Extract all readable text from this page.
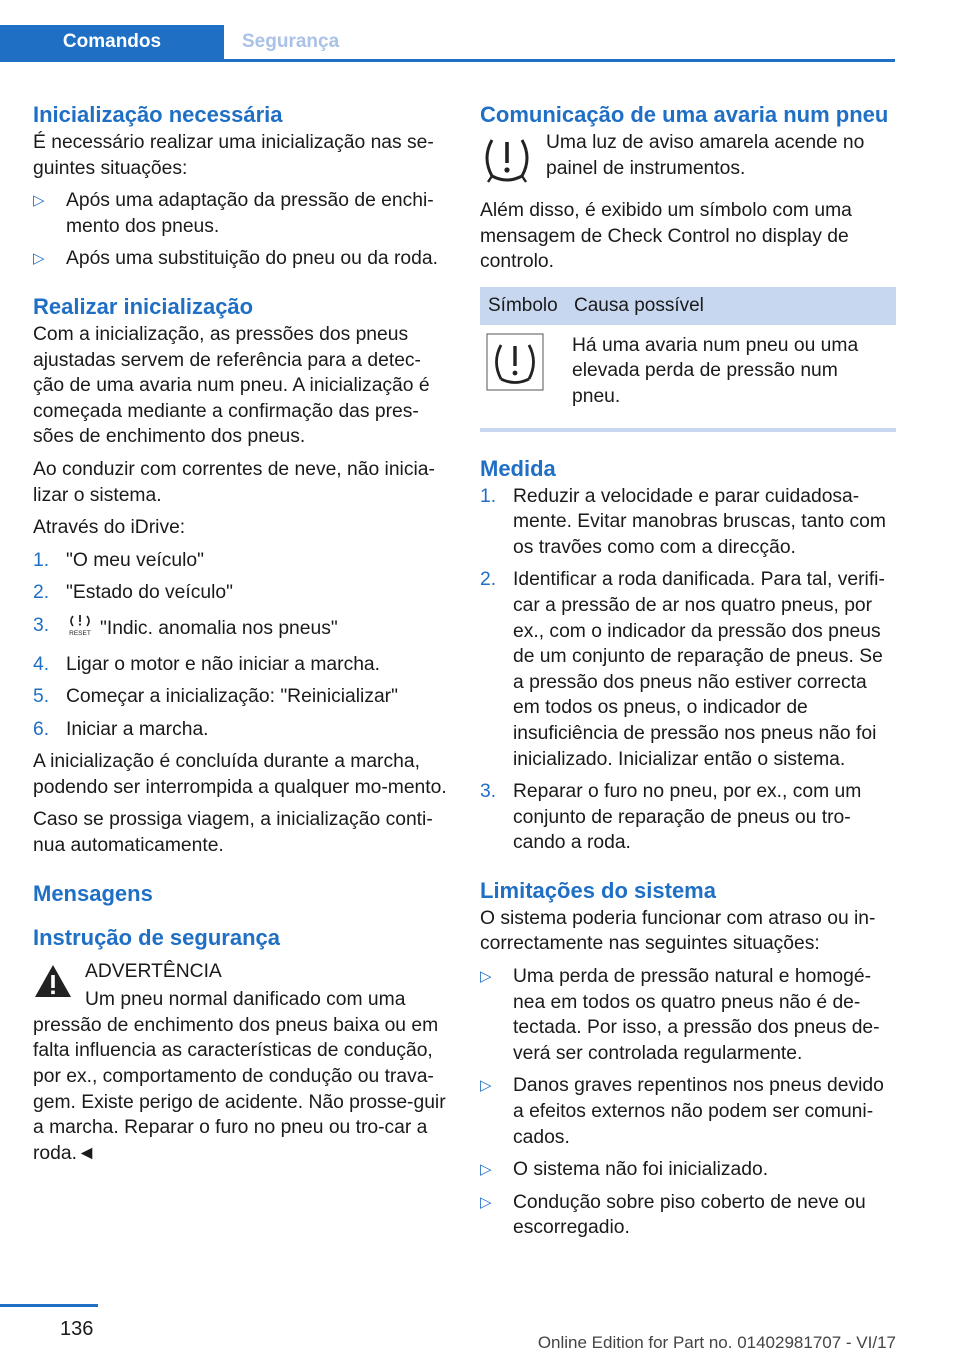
Comandos	Segurança
Inicialização necessária

É necessário realizar uma inicialização nas se-guintes situações:

▷ Após uma adaptação da pressão de enchi-mento dos pneus.
▷ Após uma substituição do pneu ou da roda.
Realizar inicialização

Com a inicialização, as pressões dos pneus ajustadas servem de referência para a detec-ção de uma avaria num pneu. A inicialização é começada mediante a confirmação das pres-sões de enchimento dos pneus.

Ao conduzir com correntes de neve, não inicia-lizar o sistema.

Através do iDrive:

1. "O meu veículo"
2. "Estado do veículo"
3.	RESET "Indic. anomalia nos pneus"
4. Ligar o motor e não iniciar a marcha.
5. Começar a inicialização: "Reinicializar"
6. Iniciar a marcha.

A inicialização é concluída durante a marcha, podendo ser interrompida a qualquer mo-mento.

Caso se prossiga viagem, a inicialização conti-nua automaticamente.

Mensagens
Instrução de segurança
ADVERTÊNCIA

Um pneu normal danificado com uma pressão de enchimento dos pneus baixa ou em falta influencia as características de condução, por ex., comportamento de condução ou trava-gem. Existe perigo de acidente. Não prosse-guir a marcha. Reparar o furo no pneu ou tro-car a roda.◄

Comunicação de uma avaria num pneu
Uma luz de aviso amarela acende no painel de instrumentos.

Além disso, é exibido um símbolo com uma mensagem de Check Control no display de controlo.

Símbolo	Causa possível
	Há uma avaria num pneu ou uma elevada perda de pressão num pneu.
Medida
1. Reduzir a velocidade e parar cuidadosa-mente. Evitar manobras bruscas, tanto com os travões como com a direcção.
2. Identificar a roda danificada. Para tal, verifi-car a pressão de ar nos quatro pneus, por ex., com o indicador da pressão dos pneus de um conjunto de reparação de pneus. Se a pressão dos pneus não estiver correcta em todos os pneus, o indicador de insuficiência de pressão nos pneus não foi inicializado. Inicializar então o sistema.
3. Reparar o furo no pneu, por ex., com um conjunto de reparação de pneus ou tro-cando a roda.
Limitações do sistema

O sistema poderia funcionar com atraso ou in-correctamente nas seguintes situações:

▷ Uma perda de pressão natural e homogé-nea em todos os quatro pneus não é de-tectada. Por isso, a pressão dos pneus de-verá ser controlada regularmente.
▷ Danos graves repentinos nos pneus devido a efeitos externos não podem ser comuni-cados.
▷ O sistema não foi inicializado.
▷ Condução sobre piso coberto de neve ou escorregadio.
136
Online Edition for Part no. 01402981707 - VI/17
